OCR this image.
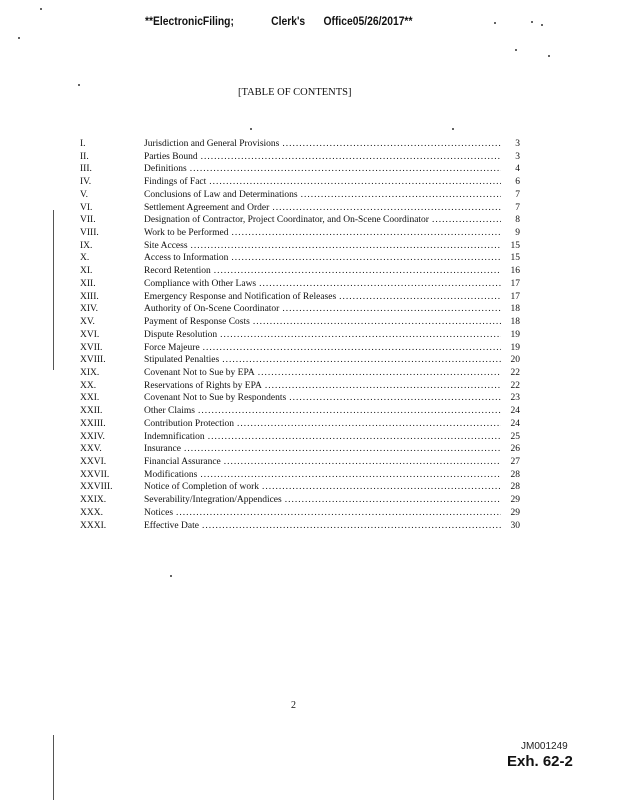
**ElectronicFiling;	Clerk's Office05/26/2017**
[TABLE OF CONTENTS]
I.	Jurisdiction and General Provisions .....	3
II.	Parties Bound .....	3
III.	Definitions .....	4
IV.	Findings of Fact .....	6
V.	Conclusions of Law and Determinations .....	7
VI.	Settlement Agreement and Order .....	7
VII.	Designation of Contractor, Project Coordinator, and On-Scene Coordinator .....	8
VIII.	Work to be Performed .....	9
IX.	Site Access .....	15
X.	Access to Information .....	15
XI.	Record Retention .....	16
XII.	Compliance with Other Laws .....	17
XIII.	Emergency Response and Notification of Releases .....	17
XIV.	Authority of On-Scene Coordinator .....	18
XV.	Payment of Response Costs .....	18
XVI.	Dispute Resolution .....	19
XVII.	Force Majeure .....	19
XVIII.	Stipulated Penalties .....	20
XIX.	Covenant Not to Sue by EPA .....	22
XX.	Reservations of Rights by EPA .....	22
XXI.	Covenant Not to Sue by Respondents .....	23
XXII.	Other Claims .....	24
XXIII.	Contribution Protection .....	24
XXIV.	Indemnification .....	25
XXV.	Insurance .....	26
XXVI.	Financial Assurance .....	27
XXVII.	Modifications .....	28
XXVIII.	Notice of Completion of work .....	28
XXIX.	Severability/Integration/Appendices .....	29
XXX.	Notices .....	29
XXXI.	Effective Date .....	30
2
JM001249
Exh. 62-2
